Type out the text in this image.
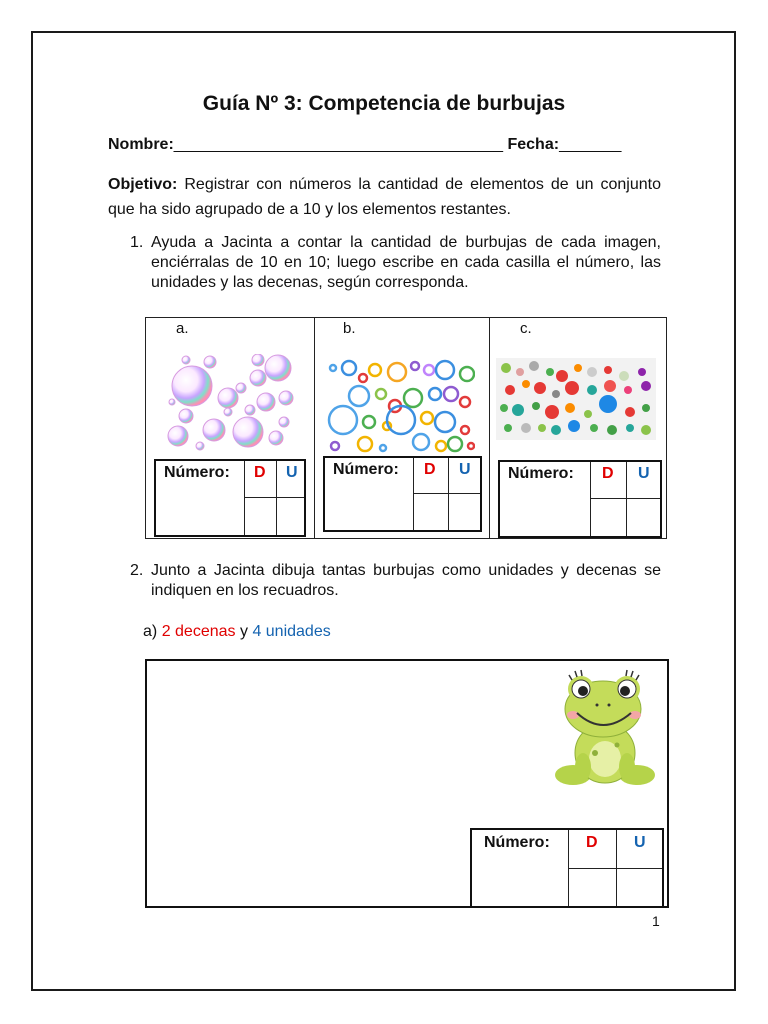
Guía Nº 3: Competencia de burbujas
Nombre:_____________________________________ Fecha:_______
Objetivo: Registrar con números la cantidad de elementos de un conjunto que ha sido agrupado de a 10 y los elementos restantes.
1. Ayuda a Jacinta a contar la cantidad de burbujas de cada imagen, enciérralas de 10 en 10; luego escribe en cada casilla el número, las unidades y las decenas, según corresponda.
a.
Número: D U
b.
Número: D U
c.
Número: D U
2. Junto a Jacinta dibuja tantas burbujas como unidades y decenas se indiquen en los recuadros.
a) 2 decenas y 4 unidades
Número: D U
1
